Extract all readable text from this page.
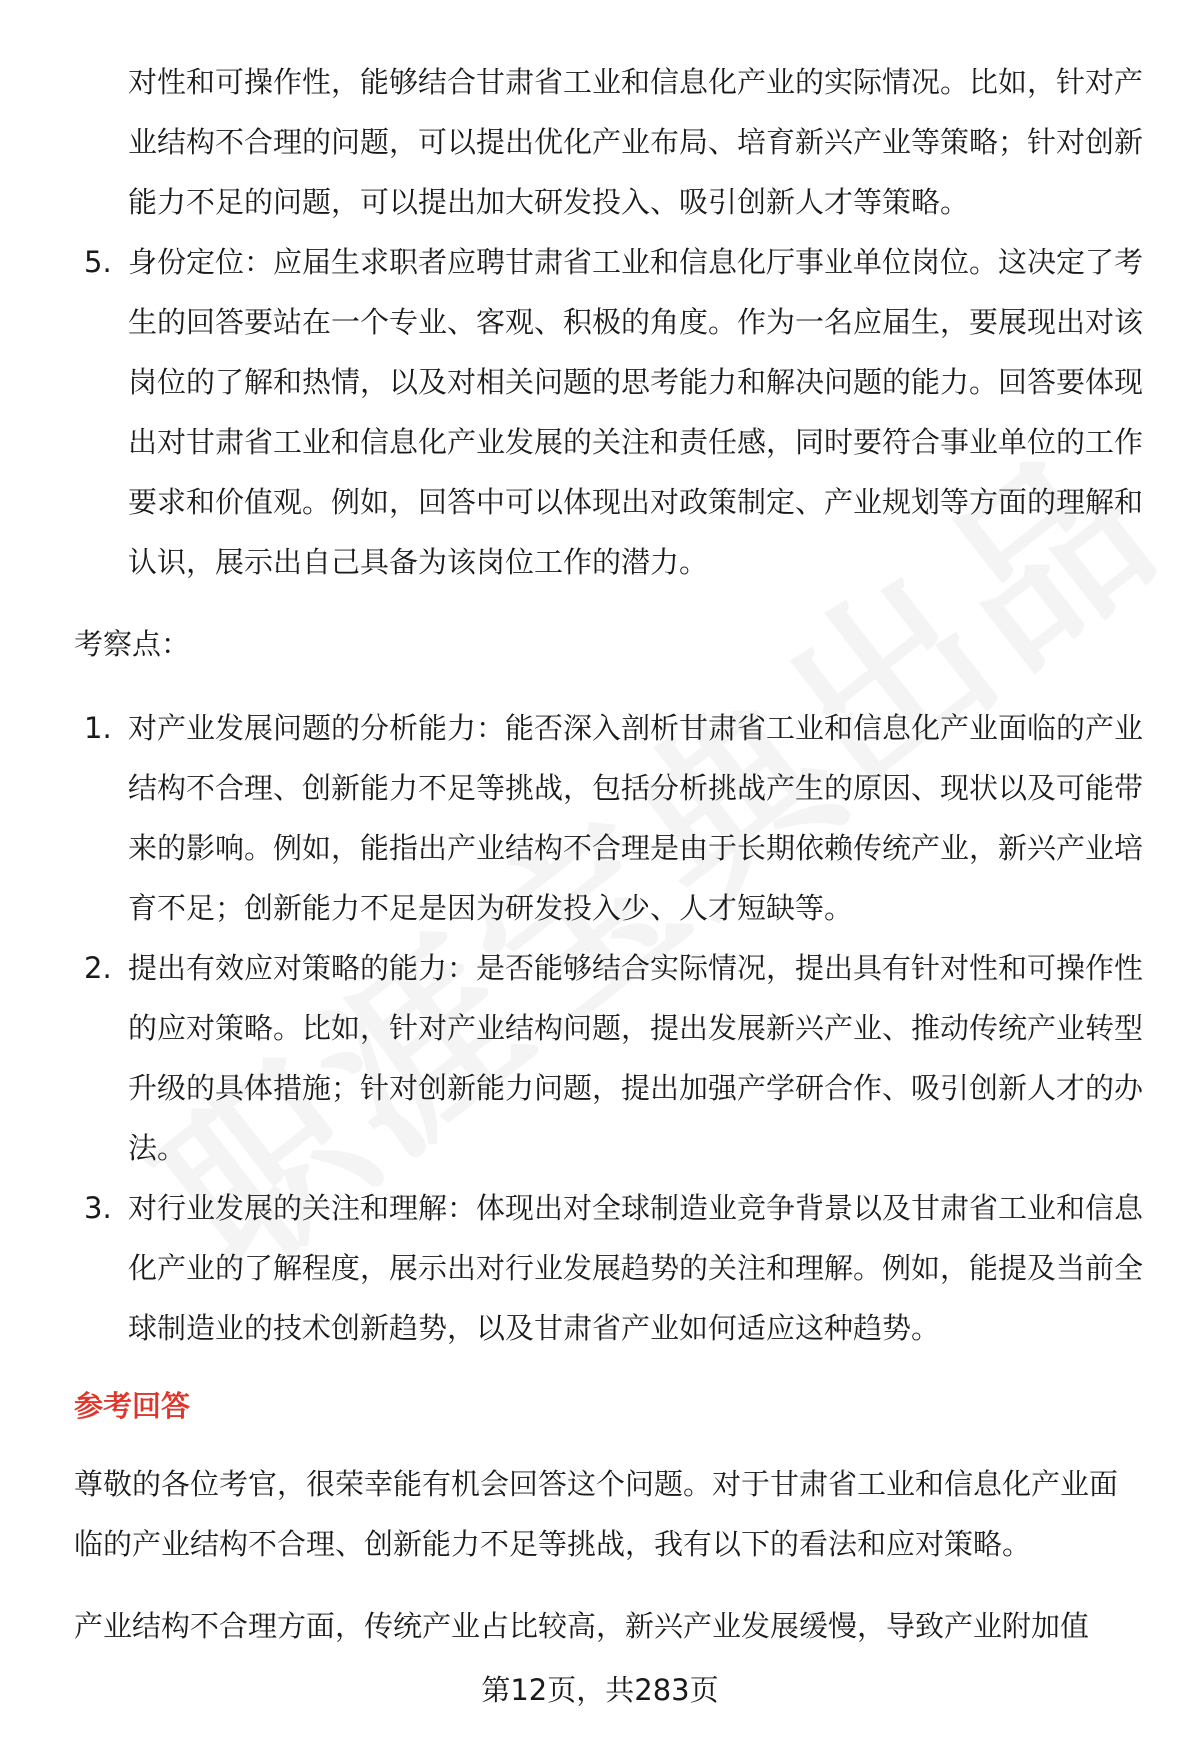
对性和可操作性，能够结合甘肃省工业和信息化产业的实际情况。比如，针对产业结构不合理的问题，可以提出优化产业布局、培育新兴产业等策略；针对创新能力不足的问题，可以提出加大研发投入、吸引创新人才等策略。

5. 身份定位：应届生求职者应聘甘肃省工业和信息化厅事业单位岗位。这决定了考生的回答要站在一个专业、客观、积极的角度。作为一名应届生，要展现出对该岗位的了解和热情，以及对相关问题的思考能力和解决问题的能力。回答要体现出对甘肃省工业和信息化产业发展的关注和责任感，同时要符合事业单位的工作要求和价值观。例如，回答中可以体现出对政策制定、产业规划等方面的理解和认识，展示出自己具备为该岗位工作的潜力。
考察点：
1. 对产业发展问题的分析能力：能否深入剖析甘肃省工业和信息化产业面临的产业结构不合理、创新能力不足等挑战，包括分析挑战产生的原因、现状以及可能带来的影响。例如，能指出产业结构不合理是由于长期依赖传统产业，新兴产业培育不足；创新能力不足是因为研发投入少、人才短缺等。
2. 提出有效应对策略的能力：是否能够结合实际情况，提出具有针对性和可操作性的应对策略。比如，针对产业结构问题，提出发展新兴产业、推动传统产业转型升级的具体措施；针对创新能力问题，提出加强产学研合作、吸引创新人才的办法。
3. 对行业发展的关注和理解：体现出对全球制造业竞争背景以及甘肃省工业和信息化产业的了解程度，展示出对行业发展趋势的关注和理解。例如，能提及当前全球制造业的技术创新趋势，以及甘肃省产业如何适应这种趋势。
参考回答

尊敬的各位考官，很荣幸能有机会回答这个问题。对于甘肃省工业和信息化产业面临的产业结构不合理、创新能力不足等挑战，我有以下的看法和应对策略。

产业结构不合理方面，传统产业占比较高，新兴产业发展缓慢，导致产业附加值

第12页，共283页
